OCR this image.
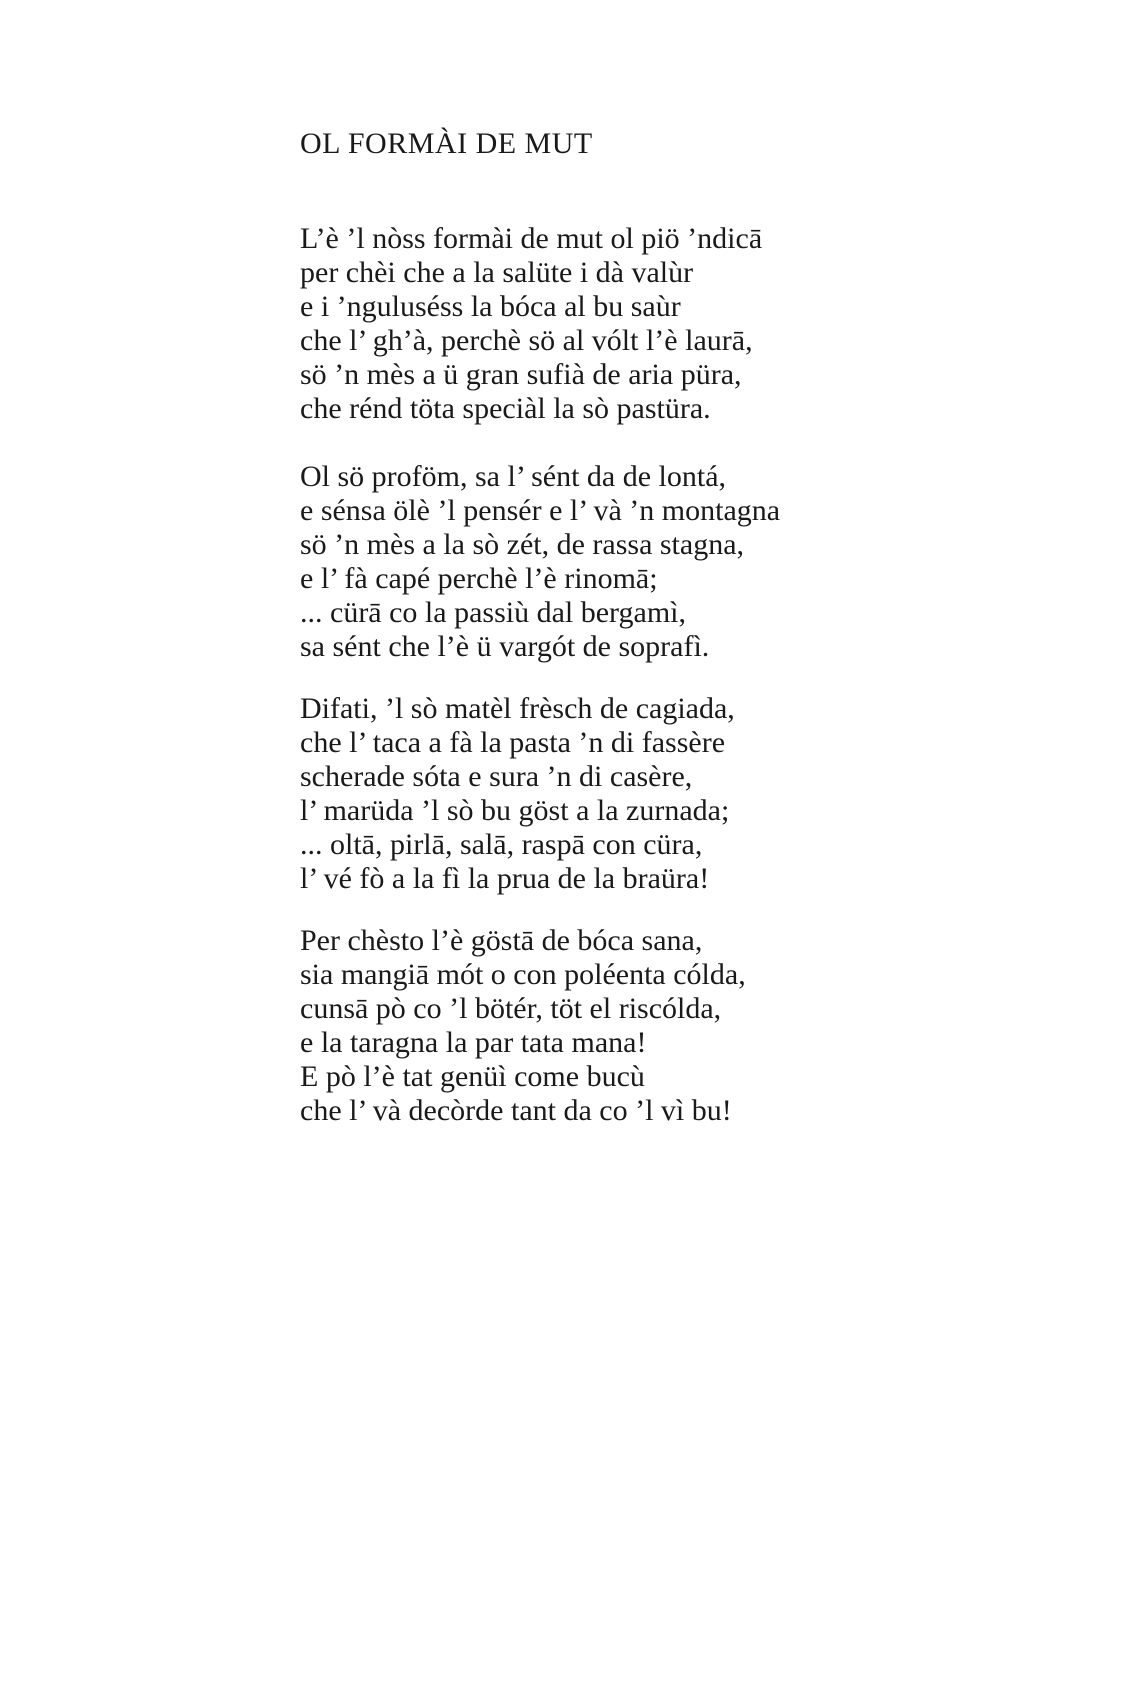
OL FORMÀI DE MUT
L’è ’l nòss formài de mut ol piö ’ndicā
per chèi che a la salüte i dà valùr
e i ’nguluséss la bóca al bu saùr
che l’ gh’à, perchè sö al vólt l’è laurā,
sö ’n mès a ü gran sufià de aria püra,
che rénd töta speciàl la sò pastüra.
Ol sö proföm, sa l’ sént da de lontá,
e sénsa ölè ’l pensér e l’ và ’n montagna
sö ’n mès a la sò zét, de rassa stagna,
e l’ fà capé perchè l’è rinomā;
... cürā co la passiù dal bergamì,
sa sént che l’è ü vargót de soprafì.
Difati, ’l sò matèl frèsch de cagiada,
che l’ taca a fà la pasta ’n di fassère
scherade sóta e sura ’n di casère,
l’ marüda ’l sò bu göst a la zurnada;
... oltā, pirlā, salā, raspā con cüra,
l’ vé fò a la fì la prua de la braüra!
Per chèsto l’è göstā de bóca sana,
sia mangiā mót o con poléenta cólda,
cunsā pò co ’l bötér, töt el riscólda,
e la taragna la par tata mana!
E pò l’è tat genüì come bucù
che l’ và decòrde tant da co ’l vì bu!
